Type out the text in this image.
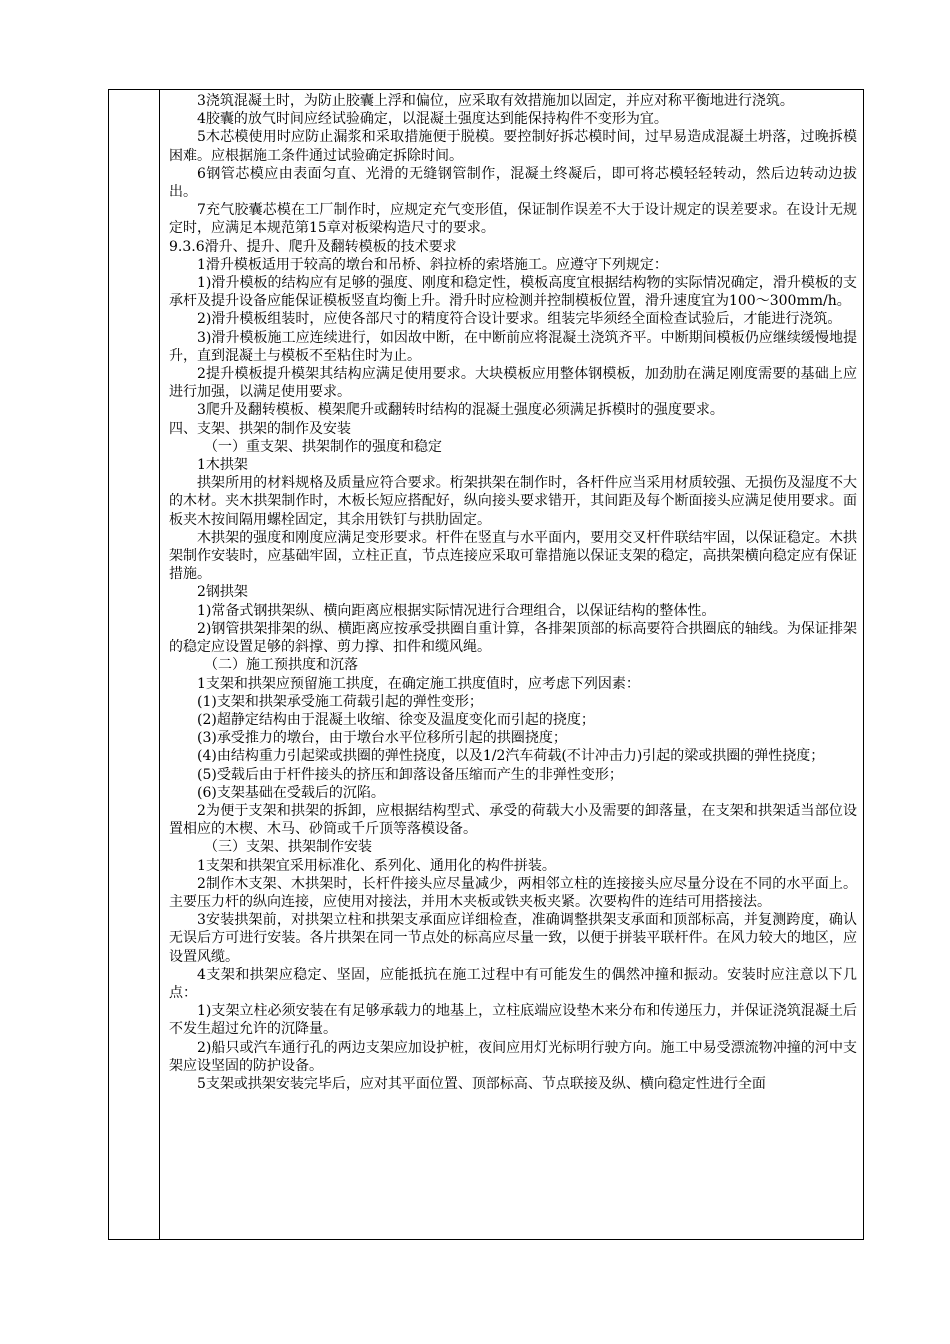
3浇筑混凝土时，为防止胶囊上浮和偏位，应采取有效措施加以固定，并应对称平衡地进行浇筑。

4胶囊的放气时间应经试验确定，以混凝土强度达到能保持构件不变形为宜。

5木芯模使用时应防止漏浆和采取措施便于脱模。要控制好拆芯模时间，过早易造成混凝土坍落，过晚拆模困难。应根据施工条件通过试验确定拆除时间。

6钢管芯模应由表面匀直、光滑的无缝钢管制作，混凝土终凝后，即可将芯模轻轻转动，然后边转动边拔出。

7充气胶囊芯模在工厂制作时，应规定充气变形值，保证制作误差不大于设计规定的误差要求。在设计无规定时，应满足本规范第15章对板梁构造尺寸的要求。

9.3.6滑升、提升、爬升及翻转模板的技术要求

1滑升模板适用于较高的墩台和吊桥、斜拉桥的索塔施工。应遵守下列规定：

1)滑升模板的结构应有足够的强度、刚度和稳定性，模板高度宜根据结构物的实际情况确定，滑升模板的支承杆及提升设备应能保证模板竖直均衡上升。滑升时应检测并控制模板位置，滑升速度宜为100～300mm/h。

2)滑升模板组装时，应使各部尺寸的精度符合设计要求。组装完毕须经全面检查试验后，才能进行浇筑。

3)滑升模板施工应连续进行，如因故中断，在中断前应将混凝土浇筑齐平。中断期间模板仍应继续缓慢地提升，直到混凝土与模板不至粘住时为止。

2提升模板提升模架其结构应满足使用要求。大块模板应用整体钢模板，加劲肋在满足刚度需要的基础上应进行加强，以满足使用要求。

3爬升及翻转模板、模架爬升或翻转时结构的混凝土强度必须满足拆模时的强度要求。

四、支架、拱架的制作及安装

（一）重支架、拱架制作的强度和稳定

1木拱架

拱架所用的材料规格及质量应符合要求。桁架拱架在制作时，各杆件应当采用材质较强、无损伤及湿度不大的木材。夹木拱架制作时，木板长短应搭配好，纵向接头要求错开，其间距及每个断面接头应满足使用要求。面板夹木按间隔用螺栓固定，其余用铁钉与拱肋固定。

木拱架的强度和刚度应满足变形要求。杆件在竖直与水平面内，要用交叉杆件联结牢固，以保证稳定。木拱架制作安装时，应基础牢固，立柱正直，节点连接应采取可靠措施以保证支架的稳定，高拱架横向稳定应有保证措施。

2钢拱架

1)常备式钢拱架纵、横向距离应根据实际情况进行合理组合，以保证结构的整体性。

2)钢管拱架排架的纵、横距离应按承受拱圈自重计算，各排架顶部的标高要符合拱圈底的轴线。为保证排架的稳定应设置足够的斜撑、剪力撑、扣件和缆风绳。

（二）施工预拱度和沉落

1支架和拱架应预留施工拱度，在确定施工拱度值时，应考虑下列因素：

(1)支架和拱架承受施工荷载引起的弹性变形；

(2)超静定结构由于混凝土收缩、徐变及温度变化而引起的挠度；

(3)承受推力的墩台，由于墩台水平位移所引起的拱圈挠度；

(4)由结构重力引起梁或拱圈的弹性挠度，以及1/2汽车荷载(不计冲击力)引起的梁或拱圈的弹性挠度；

(5)受载后由于杆件接头的挤压和卸落设备压缩而产生的非弹性变形；

(6)支架基础在受载后的沉陷。

2为便于支架和拱架的拆卸，应根据结构型式、承受的荷载大小及需要的卸落量，在支架和拱架适当部位设置相应的木楔、木马、砂筒或千斤顶等落模设备。

（三）支架、拱架制作安装

1支架和拱架宜采用标准化、系列化、通用化的构件拼装。

2制作木支架、木拱架时，长杆件接头应尽量减少，两相邻立柱的连接接头应尽量分设在不同的水平面上。主要压力杆的纵向连接，应使用对接法，并用木夹板或铁夹板夹紧。次要构件的连结可用搭接法。

3安装拱架前，对拱架立柱和拱架支承面应详细检查，准确调整拱架支承面和顶部标高，并复测跨度，确认无误后方可进行安装。各片拱架在同一节点处的标高应尽量一致，以便于拼装平联杆件。在风力较大的地区，应设置风缆。

4支架和拱架应稳定、坚固，应能抵抗在施工过程中有可能发生的偶然冲撞和振动。安装时应注意以下几点：

1)支架立柱必须安装在有足够承载力的地基上，立柱底端应设垫木来分布和传递压力，并保证浇筑混凝土后不发生超过允许的沉降量。

2)船只或汽车通行孔的两边支架应加设护桩，夜间应用灯光标明行驶方向。施工中易受漂流物冲撞的河中支架应设坚固的防护设备。

5支架或拱架安装完毕后，应对其平面位置、顶部标高、节点联接及纵、横向稳定性进行全面
